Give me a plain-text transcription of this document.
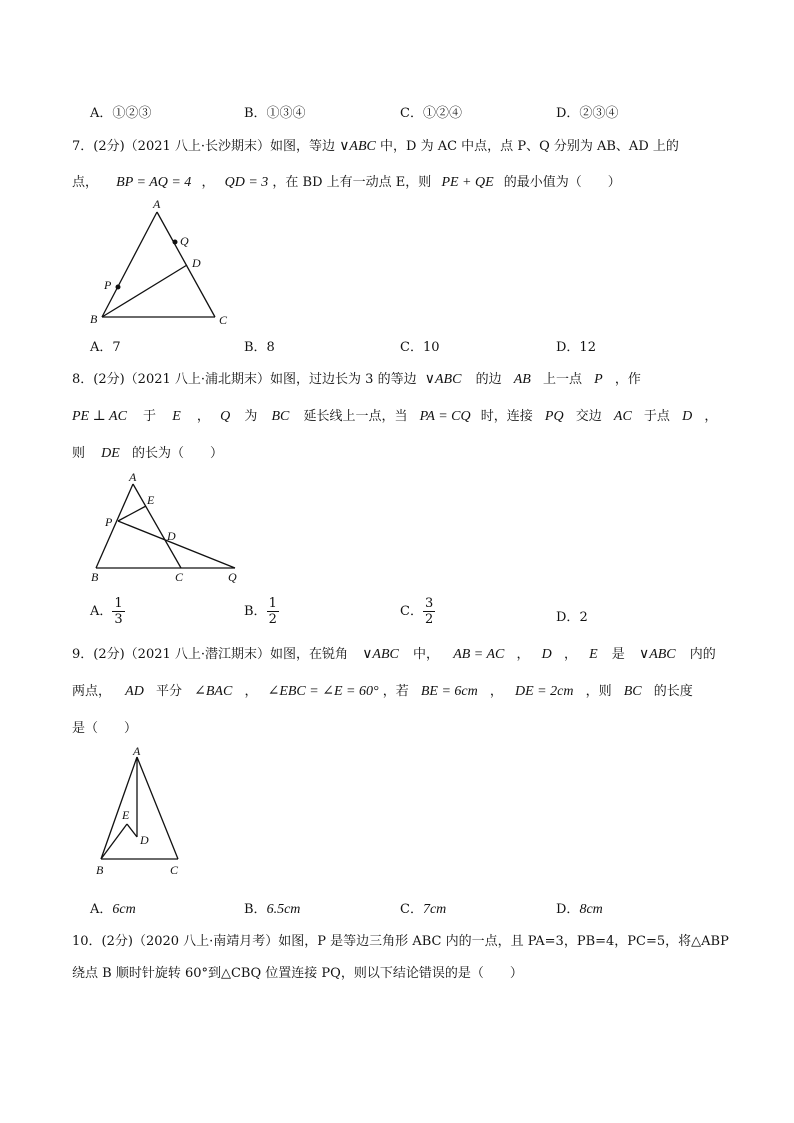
A．①②③	B．①③④	C．①②④	D．②③④
7．(2分)（2021 八上·长沙期末）如图，等边 ∨ABC 中，D 为 AC 中点，点 P、Q 分别为 AB、AD 上的
点， BP = AQ = 4 ， QD = 3 ，在 BD 上有一动点 E，则 PE + QE 的最小值为（　　）
A
Q
D
P
B	C
A．7	B．8	C．10	D．12
8．(2分)（2021 八上·浦北期末）如图，过边长为 3 的等边 ∨ABC 的边 AB 上一点 P ，作
PE ⊥ AC 于 E ， Q 为 BC 延长线上一点，当 PA = CQ 时，连接 PQ 交边 AC 于点 D ，
则 DE 的长为（　　）
A
E
P
D
B	C	Q
A． $\frac{1}{3}$	B． $\frac{1}{2}$	C． $\frac{3}{2}$	D．2
9．(2分)（2021 八上·潜江期末）如图，在锐角 ∨ABC 中， AB = AC ， D ， E 是 ∨ABC 内的
两点， AD 平分 ∠BAC ， ∠EBC = ∠E = 60° ，若 BE = 6cm ， DE = 2cm ，则 BC 的长度
是（　　）
A
E
D
B	C
A．6cm	B．6.5cm	C．7cm	D．8cm
10．(2分)（2020 八上·南靖月考）如图，P 是等边三角形 ABC 内的一点，且 PA=3，PB=4，PC=5，将△ABP
绕点 B 顺时针旋转 60°到△CBQ 位置连接 PQ，则以下结论错误的是（　　）
